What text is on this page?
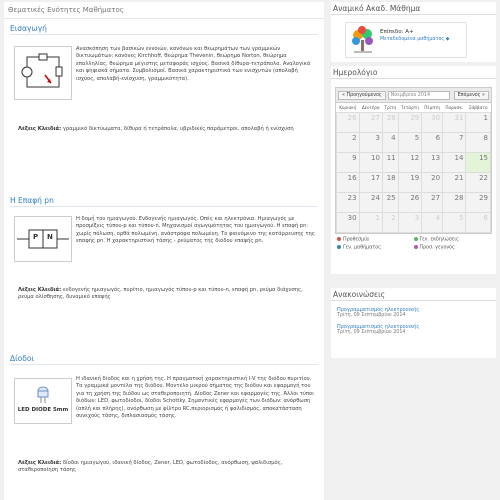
Θεματικές Ενότητες Μαθήματος
Εισαγωγή
Ανασκόπηση των βασικών εννοιών, κανόνων και θεωρημάτων των γραμμικών δικτυωμάτων: κανόνες Kirchhoff, θεώρημα Thevenin, θεώρημα Norton, θεώρημα επαλληλίας, θεώρημα μέγιστης μεταφοράς ισχύος. Βασικά δίθυρα-τετράπολα. Αναλογικά και ψηφιακά σήματα. Συμβολισμοί. Βασικά χαρακτηριστικά των ενισχυτών (απολαβή ισχύος, απολαβή-ενίσχυση, γραμμικότητα).
Λέξεις Κλειδιά: γραμμικό δικτύωματα, δίθυρα ή τετράπολα, υβριδικές παράμετροι, απολαβή ή ενίσχυση
Η Επαφή pn
P N
Η δομή του ημιαγωγού. Ενδογενής ημιαγωγός. Οπές και ηλεκτρόνια. Ημιαγωγός με προσμίξεις τύπου-p και τύπου-n. Μηχανισμοί αγωγιμότητας του ημιαγωγού. Η επαφή pn: χωρίς πόλωση, ορθά πολωμένη, ανάστροφα πολωμένη. Το φαινόμενο της κατάρρευσης της επαφής pn. Η χαρακτηριστική τάσης - ρεύματος της διόδου επαφής pn.
Λέξεις Κλειδιά: ενδογενής ημιαγωγός, πυρίτιο, ημιαγωγός τύπου-p και τύπου-n, επαφή pn, ρεύμα διάχυσης, ρεύμα ολίσθησης, δυναμικό επαφής
Δίοδοι
LED DIODE 5mm
Η ιδανική δίοδος και η χρήση της. Η πραγματική χαρακτηριστική I-V της διόδου πυριτίου. Τα γραμμικά μοντέλα της διόδου. Μοντέλο μικρού σήματος της διόδου και εφαρμογή του για τη χρήση της διόδου ως σταθεροποιητή. Δίοδος Zener και εφαρμογές της. Άλλοι τύποι διόδων: LED, φωτοδίοδοι, δίοδοι Schottky. Σημαντικές εφαρμογές των διόδων: ανόρθωση (απλή και πλήρης), ανόρθωση με φίλτρο RC,περιορισμός ή ψαλιδισμός, αποκατάσταση συνεχούς τάσης, διπλασιασμός τάσης.
Λέξεις Κλειδιά: δίοδοι ημιαγωγού, ιδανική δίοδος, Zener, LED, φωτοδίοδος, ανόρθωση, ψαλιδισμός, σταθεροποίηση τάσης
Αναμικό Ακαδ. Μάθημα
Επίπεδο: Α+
Μεταδεδομένα μαθήματος ◆
Ημερολόγιο
« Προηγούμενος	Νοεμβρίου 2014	Επόμενος »
Κυριακή	Δευτέρα	Τρίτη	Τετάρτη	Πέμπτη	Παρασκ.	Σάββατο
26	27	28	29	30	31	1
2	3	4	5	6	7	8
9	10	11	12	13	14	15
16	17	18	19	20	21	22
23	24	25	26	27	28	29
30	1	2	3	4	5	6
Προθεσμία	Γεν. εκδηλώσεις
Γεν. μαθήματος	Προσ. γεγονός
Ανακοινώσεις
Προγραμματισμός ηλεκτρονικής
Τρίτη, 09 Σεπτεμβρίου 2014
Προγραμματισμός ηλεκτρονικής
Τρίτη, 09 Σεπτεμβρίου 2014
